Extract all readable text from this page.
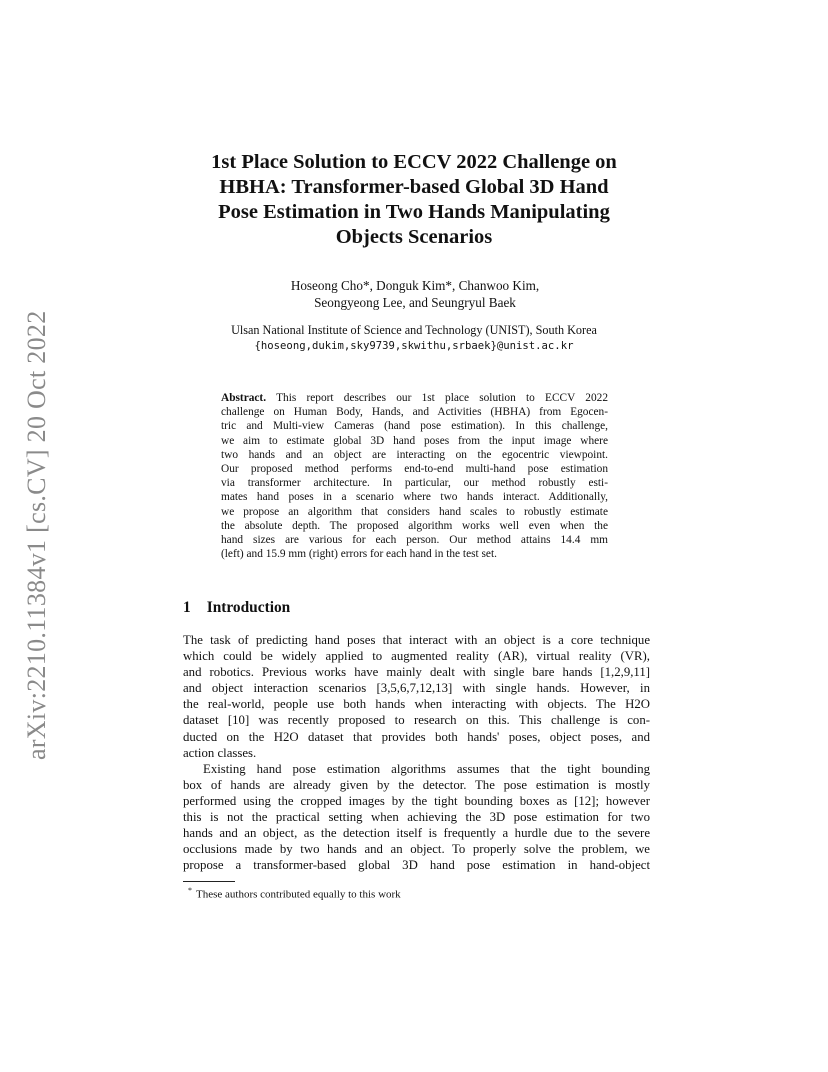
arXiv:2210.11384v1 [cs.CV] 20 Oct 2022
1st Place Solution to ECCV 2022 Challenge on
HBHA: Transformer-based Global 3D Hand
Pose Estimation in Two Hands Manipulating
Objects Scenarios
Hoseong Cho*, Donguk Kim*, Chanwoo Kim,
Seongyeong Lee, and Seungryul Baek
Ulsan National Institute of Science and Technology (UNIST), South Korea
{hoseong,dukim,sky9739,skwithu,srbaek}@unist.ac.kr
Abstract. This report describes our 1st place solution to ECCV 2022
challenge on Human Body, Hands, and Activities (HBHA) from Egocen-
tric and Multi-view Cameras (hand pose estimation). In this challenge,
we aim to estimate global 3D hand poses from the input image where
two hands and an object are interacting on the egocentric viewpoint.
Our proposed method performs end-to-end multi-hand pose estimation
via transformer architecture. In particular, our method robustly esti-
mates hand poses in a scenario where two hands interact. Additionally,
we propose an algorithm that considers hand scales to robustly estimate
the absolute depth. The proposed algorithm works well even when the
hand sizes are various for each person. Our method attains 14.4 mm
(left) and 15.9 mm (right) errors for each hand in the test set.
1 Introduction
The task of predicting hand poses that interact with an object is a core technique
which could be widely applied to augmented reality (AR), virtual reality (VR),
and robotics. Previous works have mainly dealt with single bare hands [1,2,9,11]
and object interaction scenarios [3,5,6,7,12,13] with single hands. However, in
the real-world, people use both hands when interacting with objects. The H2O
dataset [10] was recently proposed to research on this. This challenge is con-
ducted on the H2O dataset that provides both hands' poses, object poses, and
action classes.
Existing hand pose estimation algorithms assumes that the tight bounding
box of hands are already given by the detector. The pose estimation is mostly
performed using the cropped images by the tight bounding boxes as [12]; however
this is not the practical setting when achieving the 3D pose estimation for two
hands and an object, as the detection itself is frequently a hurdle due to the severe
occlusions made by two hands and an object. To properly solve the problem, we
propose a transformer-based global 3D hand pose estimation in hand-object
* These authors contributed equally to this work
